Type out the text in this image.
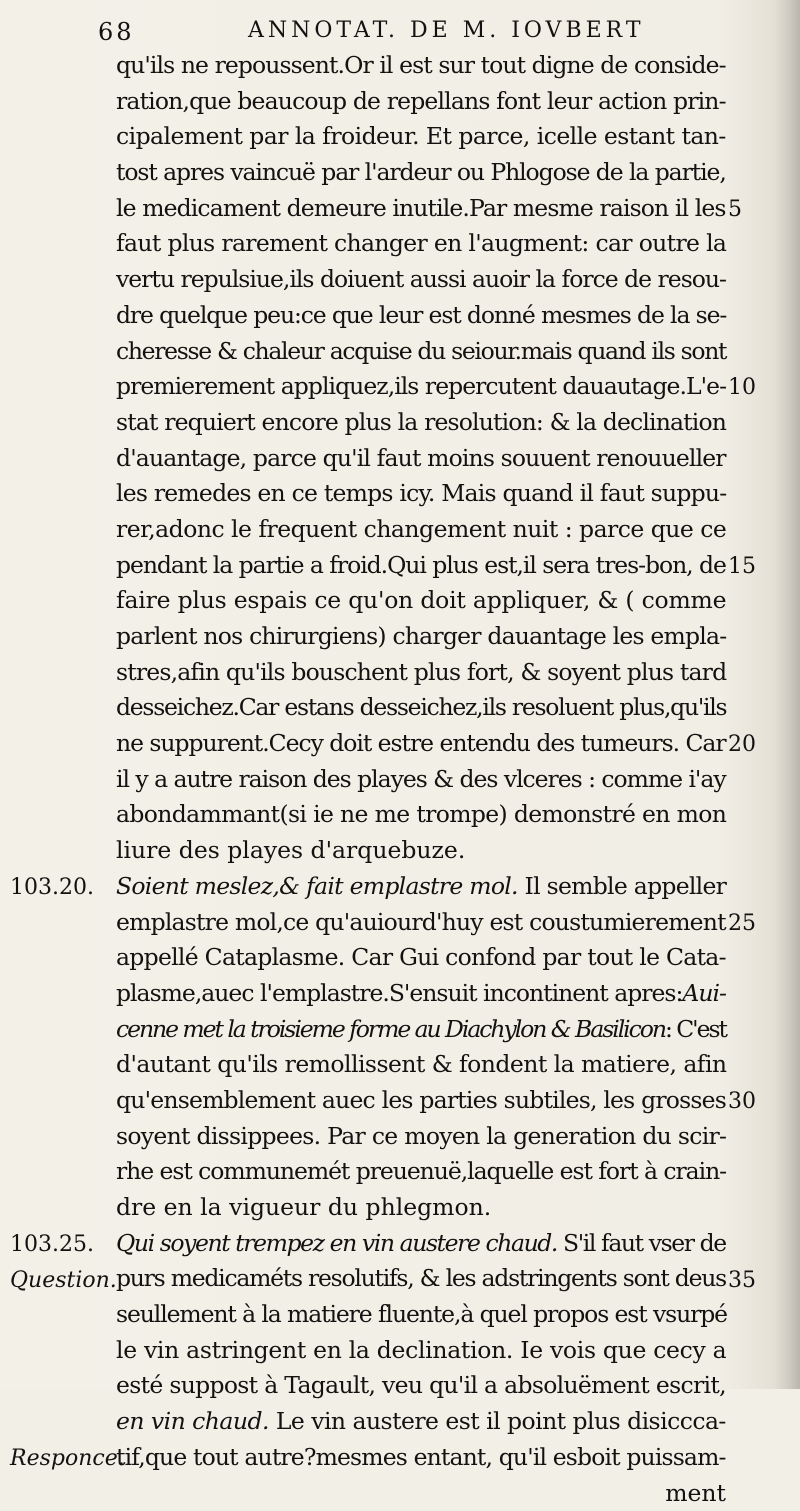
68	ANNOTAT. DE M. IOVBERT
qu'ils ne repoussent.Or il est sur tout digne de conside-
ration,que beaucoup de repellans font leur action prin-
cipalement par la froideur. Et parce, icelle estant tan-
tost apres vaincuë par l'ardeur ou Phlogose de la partie,
le medicament demeure inutile.Par mesme raison il les
faut plus rarement changer en l'augment: car outre la
vertu repulsiue,ils doiuent aussi auoir la force de resou-
dre quelque peu:ce que leur est donné mesmes de la se-
cheresse & chaleur acquise du seiour.mais quand ils sont
premierement appliquez,ils repercutent dauautage.L'e-
stat requiert encore plus la resolution: & la declination
d'auantage, parce qu'il faut moins souuent renouueller
les remedes en ce temps icy. Mais quand il faut suppu-
rer,adonc le frequent changement nuit : parce que ce
pendant la partie a froid.Qui plus est,il sera tres-bon, de
faire plus espais ce qu'on doit appliquer, & ( comme
parlent nos chirurgiens) charger dauantage les empla-
stres,afin qu'ils bouschent plus fort, & soyent plus tard
desseichez.Car estans desseichez,ils resoluent plus,qu'ils
ne suppurent.Cecy doit estre entendu des tumeurs. Car
il y a autre raison des playes & des vlceres : comme i'ay
abondammant(si ie ne me trompe) demonstré en mon
liure des playes d'arquebuze.
Soient meslez,& fait emplastre mol. Il semble appeller
emplastre mol,ce qu'auiourd'huy est coustumierement
appellé Cataplasme. Car Gui confond par tout le Cata-
plasme,auec l'emplastre.S'ensuit incontinent apres:Aui-
cenne met la troisieme forme au Diachylon & Basilicon: C'est
d'autant qu'ils remollissent & fondent la matiere, afin
qu'ensemblement auec les parties subtiles, les grosses
soyent dissippees. Par ce moyen la generation du scir-
rhe est communemét preuenuë,laquelle est fort à crain-
dre en la vigueur du phlegmon.
Qui soyent trempez en vin austere chaud. S'il faut vser de
purs medicaméts resolutifs, & les adstringents sont deus
seullement à la matiere fluente,à quel propos est vsurpé
le vin astringent en la declination. Ie vois que cecy a
esté suppost à Tagault, veu qu'il a absoluëment escrit,
en vin chaud. Le vin austere est il point plus disiccca-
tif,que tout autre?mesmes entant, qu'il esboit puissam-
ment
103.20.
103.25.
Question.
Responce.
5
10
15
20
25
30
35
